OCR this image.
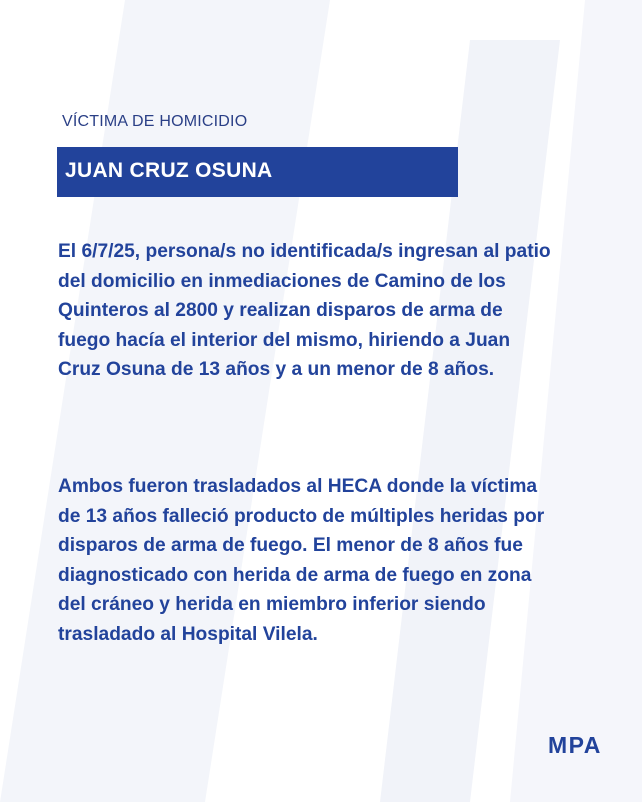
VÍCTIMA DE HOMICIDIO
JUAN CRUZ OSUNA

El 6/7/25, persona/s no identificada/s ingresan al patio del domicilio en inmediaciones de Camino de los Quinteros al 2800 y realizan disparos de arma de fuego hacía el interior del mismo, hiriendo a Juan Cruz Osuna de 13 años y a un menor de 8 años.

Ambos fueron trasladados al HECA donde la víctima de 13 años falleció producto de múltiples heridas por disparos de arma de fuego. El menor de 8 años fue diagnosticado con herida de arma de fuego en zona del cráneo y herida en miembro inferior siendo trasladado al Hospital Vilela.

MPA
